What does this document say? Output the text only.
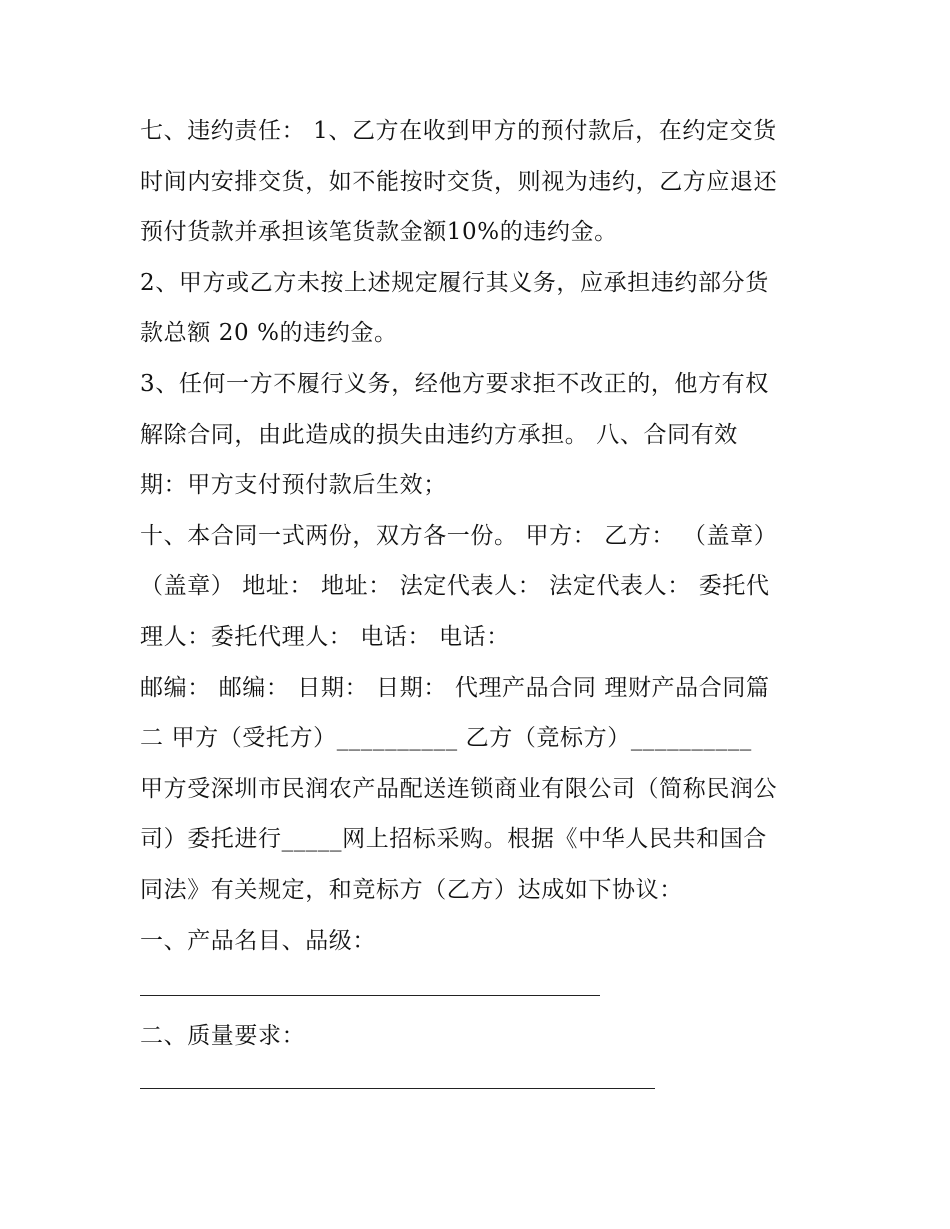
七、违约责任： 1、乙方在收到甲方的预付款后，在约定交货
时间内安排交货，如不能按时交货，则视为违约，乙方应退还
预付货款并承担该笔货款金额10%的违约金。
2、甲方或乙方未按上述规定履行其义务，应承担违约部分货
款总额 20 %的违约金。
3、任何一方不履行义务，经他方要求拒不改正的，他方有权
解除合同，由此造成的损失由违约方承担。 八、合同有效
期：甲方支付预付款后生效；
十、本合同一式两份，双方各一份。 甲方： 乙方： （盖章）
（盖章） 地址： 地址： 法定代表人： 法定代表人： 委托代
理人：委托代理人： 电话： 电话：
邮编： 邮编： 日期： 日期： 代理产品合同 理财产品合同篇
二 甲方（受托方）__________ 乙方（竞标方）__________
甲方受深圳市民润农产品配送连锁商业有限公司（简称民润公
司）委托进行_____网上招标采购。根据《中华人民共和国合
同法》有关规定，和竞标方（乙方）达成如下协议：
一、产品名目、品级：
二、质量要求：
